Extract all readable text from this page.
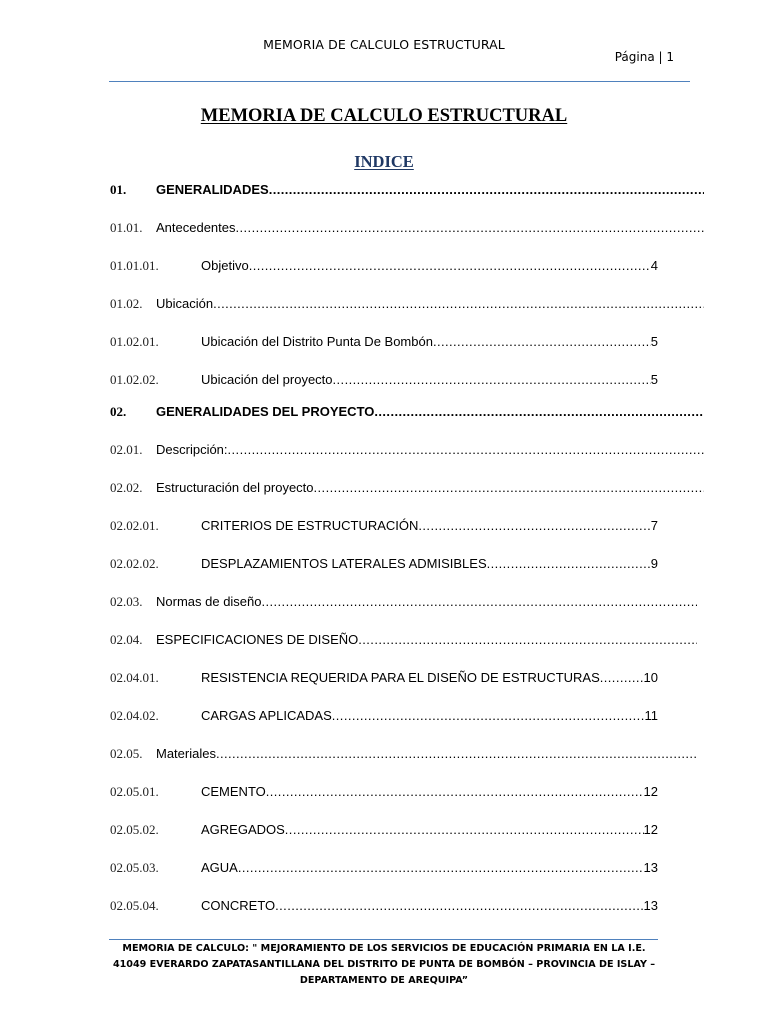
MEMORIA DE CALCULO ESTRUCTURAL
Página | 1
MEMORIA DE CALCULO ESTRUCTURAL
INDICE
01.	GENERALIDADES
.....
01.01.	Antecedentes
.....
01.01.01.	Objetivo .....	4
01.02.	Ubicación
.....
01.02.01.	Ubicación del Distrito Punta De Bombón .....	5
01.02.02.	Ubicación del proyecto .....	5
02.	GENERALIDADES DEL PROYECTO
.....
02.01.	Descripción:
.....
02.02.	Estructuración del proyecto
.....
02.02.01.	CRITERIOS DE ESTRUCTURACIÓN .....	7
02.02.02.	DESPLAZAMIENTOS LATERALES ADMISIBLES .....	9
02.03.	Normas de diseño
.....
02.04.	ESPECIFICACIONES DE DISEÑO
.....
02.04.01.	RESISTENCIA REQUERIDA PARA EL DISEÑO DE ESTRUCTURAS .....	10
02.04.02.	CARGAS APLICADAS .....	11
02.05.	Materiales
.....
02.05.01.	CEMENTO .....	12
02.05.02.	AGREGADOS .....	12
02.05.03.	AGUA .....	13
02.05.04.	CONCRETO .....	13
MEMORIA DE CALCULO: " MEJORAMIENTO DE LOS SERVICIOS DE EDUCACIÓN PRIMARIA EN LA I.E.
41049 EVERARDO ZAPATASANTILLANA DEL DISTRITO DE PUNTA DE BOMBÓN – PROVINCIA DE ISLAY –
DEPARTAMENTO DE AREQUIPA”
